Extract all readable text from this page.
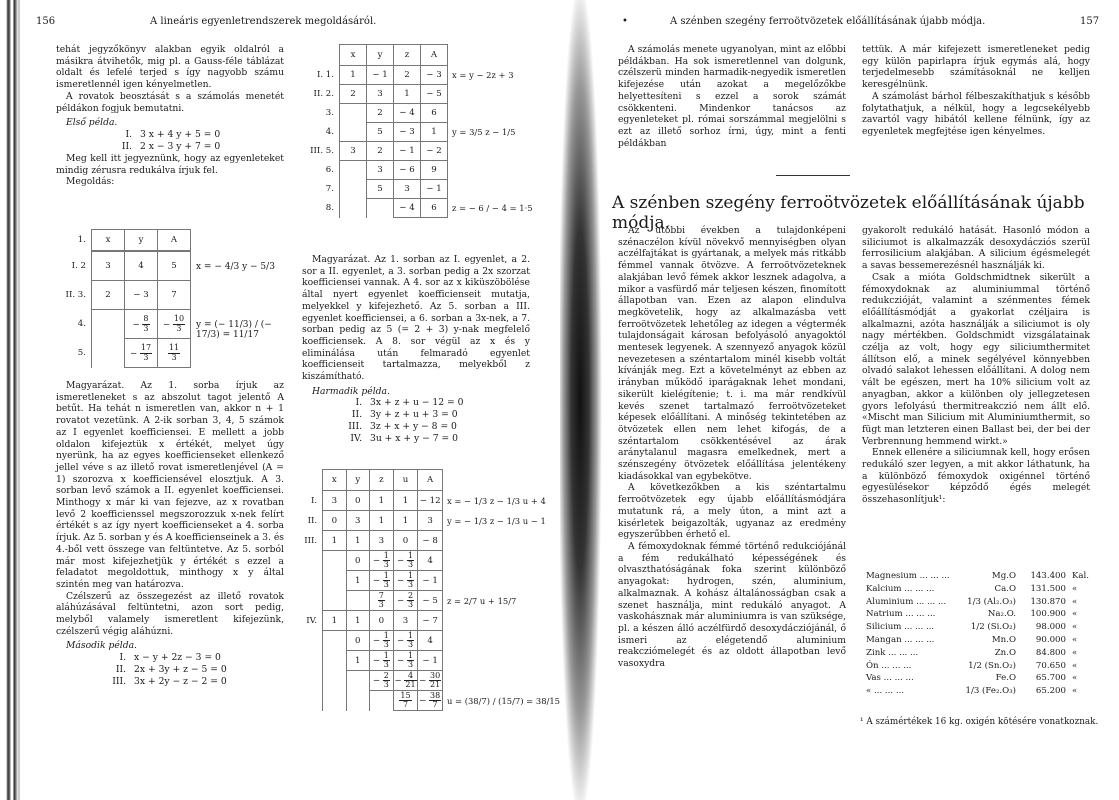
156	A lineáris egyenletrendszerek megoldásáról.

tehát jegyzőkönyv alakban egyik oldalról a másikra átvihetők, mig pl. a Gauss-féle táblázat oldalt és lefelé terjed s így nagyobb számu ismeretlennél igen kényelmetlen.

A rovatok beosztását s a számolás menetét példákon fogjuk bemutatni.

Első példa.

I. 3 x + 4 y + 5 = 0
II. 2 x − 3 y + 7 = 0

Meg kell itt jegyeznünk, hogy az egyenleteket mindig zérusra redukálva írjuk fel.

Megoldás:

1.	x	y	A
I. 2	3	4	5
II. 3.	2	− 3	7
4.		− $\frac{8}{3}$	− $\frac{10}{3}$

5.		− $\frac{17}{3}$	$\frac{11}{3}$
x = − 4/3 y − 5/3
y = (− 11/3) / (− 17/3) = 11/17

Magyarázat. Az 1. sorba írjuk az ismeretleneket s az abszolut tagot jelentő A betűt. Ha tehát n ismeretlen van, akkor n + 1 rovatot vezetünk. A 2-ik sorban 3, 4, 5 számok az I egyenlet koefficiensei. E mellett a jobb oldalon kifejeztük x értékét, melyet úgy nyerünk, ha az egyes koefficienseket ellenkező jellel véve s az illető rovat ismeretlenjével (A = 1) szorozva x koefficiensével elosztjuk. A 3. sorban levő számok a II. egyenlet koefficiensei. Minthogy x már ki van fejezve, az x rovatban levő 2 koefficienssel megszorozzuk x-nek felírt értékét s az így nyert koefficienseket a 4. sorba írjuk. Az 5. sorban y és A koefficienseinek a 3. és 4.-ből vett összege van feltüntetve. Az 5. sorból már most kifejezhetjük y értékét s ezzel a feladatot megoldottuk, minthogy x y által szintén meg van határozva.

Czélszerű az összegezést az illető rovatok aláhúzásával feltüntetni, azon sort pedig, melyből valamely ismeretlent kifejezünk, czélszerű végig aláhúzni.

Második példa.

I. x − y + 2z − 3 = 0
II. 2x + 3y + z − 5 = 0
III. 3x + 2y − z − 2 = 0
	x	y	z	A	
I. 1.	1	− 1	2	− 3	x = y − 2z + 3
II. 2.	2	3	1	− 5	
3.		2	− 4	6	
4.		5	− 3	1	y = 3/5 z − 1/5
III. 5.	3	2	− 1	− 2	
6.		3	− 6	9	
7.		5	3	− 1	
8.			− 4	6	z = − 6 / − 4 = 1·5

Magyarázat. Az 1. sorban az I. egyenlet, a 2. sor a II. egyenlet, a 3. sorban pedig a 2x szorzat koefficiensei vannak. A 4. sor az x kiküszöbölése által nyert egyenlet koefficienseit mutatja, melyekkel y kifejezhető. Az 5. sorban a III. egyenlet koefficiensei, a 6. sorban a 3x-nek, a 7. sorban pedig az 5 (= 2 + 3) y-nak megfelelő koefficiensek. A 8. sor végül az x és y eliminálása után felmaradó egyenlet koefficienseit tartalmazza, melyekből z kiszámítható.

Harmadik példa.

I. 3x + z + u − 12 = 0
II. 3y + z + u + 3 = 0
III. 3z + x + y − 8 = 0
IV. 3u + x + y − 7 = 0
	x	y	z	u	A	
I.	3	0	1	1	− 12	x = − 1/3 z − 1/3 u + 4
II.	0	3	1	1	3	y = − 1/3 z − 1/3 u − 1
III.	1	1	3	0	− 8	
		0	− $\frac{1}{3}$	− $\frac{1}{3}$	4	
		1	− $\frac{1}{3}$	− $\frac{1}{3}$	− 1	

			$\frac{7}{3}$	− $\frac{2}{3}$	− 5	z = 2/7 u + 15/7
IV.	1	1	0	3	− 7	
		0	− $\frac{1}{3}$	− $\frac{1}{3}$	4	
		1	− $\frac{1}{3}$	− $\frac{1}{3}$	− 1	
			− $\frac{2}{3}$	− $\frac{4}{21}$	− $\frac{30}{21}$

				$\frac{15}{7}$	− $\frac{38}{7}$	u = (38/7) / (15/7) = 38/15
•	A szénben szegény ferroötvözetek előállításának újabb módja.	157

A számolás menete ugyanolyan, mint az előbbi példákban. Ha sok ismeretlennel van dolgunk, czélszerü minden harmadik-negyedik ismeretlen kifejezése után azokat a megelőzőkbe helyettesíteni s ezzel a sorok számát csökkenteni. Mindenkor tanácsos az egyenleteket pl. római sorszámmal megjelölni s ezt az illető sorhoz írni, úgy, mint a fenti példákban

tettük. A már kifejezett ismeretleneket pedig egy külön papirlapra írjuk egymás alá, hogy terjedelmesebb számításoknál ne kelljen keresgélnünk.

A számolást bárhol félbeszakíthatjuk s később folytathatjuk, a nélkül, hogy a legcsekélyebb zavartól vagy hibától kellene félnünk, így az egyenletek megfejtése igen kényelmes.

A szénben szegény ferroötvözetek előállításának újabb módja.

Az utóbbi években a tulajdonképeni szénaczélon kívül növekvő mennyiségben olyan aczélfajtákat is gyártanak, a melyek más ritkább fémmel vannak ötvözve. A ferroötvözeteknek alakjában levő fémek akkor lesznek adagolva, a mikor a vasfürdő már teljesen készen, finomított állapotban van. Ezen az alapon elindulva megkövetelik, hogy az alkalmazásba vett ferroötvözetek lehetőleg az idegen a végtermék tulajdonságait károsan befolyásoló anyagoktól mentesek legyenek. A szennyező anyagok közül nevezetesen a széntartalom minél kisebb voltát kívánják meg. Ezt a követelményt az ebben az irányban működő iparágaknak lehet mondani, sikerült kielégítenie; t. i. ma már rendkívül kevés szenet tartalmazó ferroötvözeteket képesek előállítani. A minőség tekintetében az ötvözetek ellen nem lehet kifogás, de a széntartalom csökkentésével az árak aránytalanul magasra emelkednek, mert a szénszegény ötvözetek előállítása jelentékeny kiadásokkal van egybekötve.

A következőkben a kis széntartalmu ferroötvözetek egy újabb előállításmódjára mutatunk rá, a mely úton, a mint azt a kisérletek beigazolták, ugyanaz az eredmény egyszerűbben érhető el.

A fémoxydoknak fémmé történő redukciójánál a fém redukálható képességének és olvaszthatóságának foka szerint különböző anyagokat: hydrogen, szén, aluminium, alkalmaznak. A kohász általánosságban csak a szenet használja, mint redukáló anyagot. A vaskohásznak már aluminiumra is van szüksége, pl. a készen álló aczélfürdő desoxydácziójánál, ő ismeri az elégetendő aluminium reakcziómelegét és az oldott állapotban levő vasoxydra

gyakorolt redukáló hatását. Hasonló módon a siliciumot is alkalmazzák desoxydácziós szerül ferrosilicium alakjában. A silicium égésmelegét a savas bessemerezésnél használják ki.

Csak a mióta Goldschmidtnek sikerült a fémoxydoknak az aluminiummal történő redukczióját, valamint a szénmentes fémek előállításmódját a gyakorlat czéljaira is alkalmazni, azóta használják a siliciumot is oly nagy mértékben. Goldschmidt vizsgálatainak czélja az volt, hogy egy siliciumthermitet állítson elő, a minek segélyével könnyebben olvadó salakot lehessen előállítani. A dolog nem vált be egészen, mert ha 10% silicium volt az anyagban, akkor a különben oly jellegzetesen gyors lefolyású thermitreakczió nem állt elő. «Mischt man Silicium mit Aluminiumthermit, so fügt man letzteren einen Ballast bei, der bei der Verbrennung hemmend wirkt.»

Ennek ellenére a siliciumnak kell, hogy erősen redukáló szer legyen, a mit akkor láthatunk, ha a különböző fémoxydok oxigénnel történő egyesülésekor képződő égés melegét összehasonlítjuk¹:

Magnesium ... ... ...	Mg.O	143.400 Kal.
Kalcium ... ... ...	Ca.O	131.500 «
Aluminium ... ... ...	1/3 (Al₂.O₃)	130.870 «
Natrium ... ... ...	Na₂.O.	100.900 «
Silicium ... ... ...	1/2 (Si.O₂)	98.000 «
Mangan ... ... ...	Mn.O	90.000 «
Zink ... ... ...	Zn.O	84.800 «
Ón ... ... ...	1/2 (Sn.O₂)	70.650 «
Vas ... ... ...	Fe.O	65.700 «
« ... ... ...	1/3 (Fe₂.O₃)	65.200 «
¹ A számértékek 16 kg. oxigén kötésére vonatkoznak.
